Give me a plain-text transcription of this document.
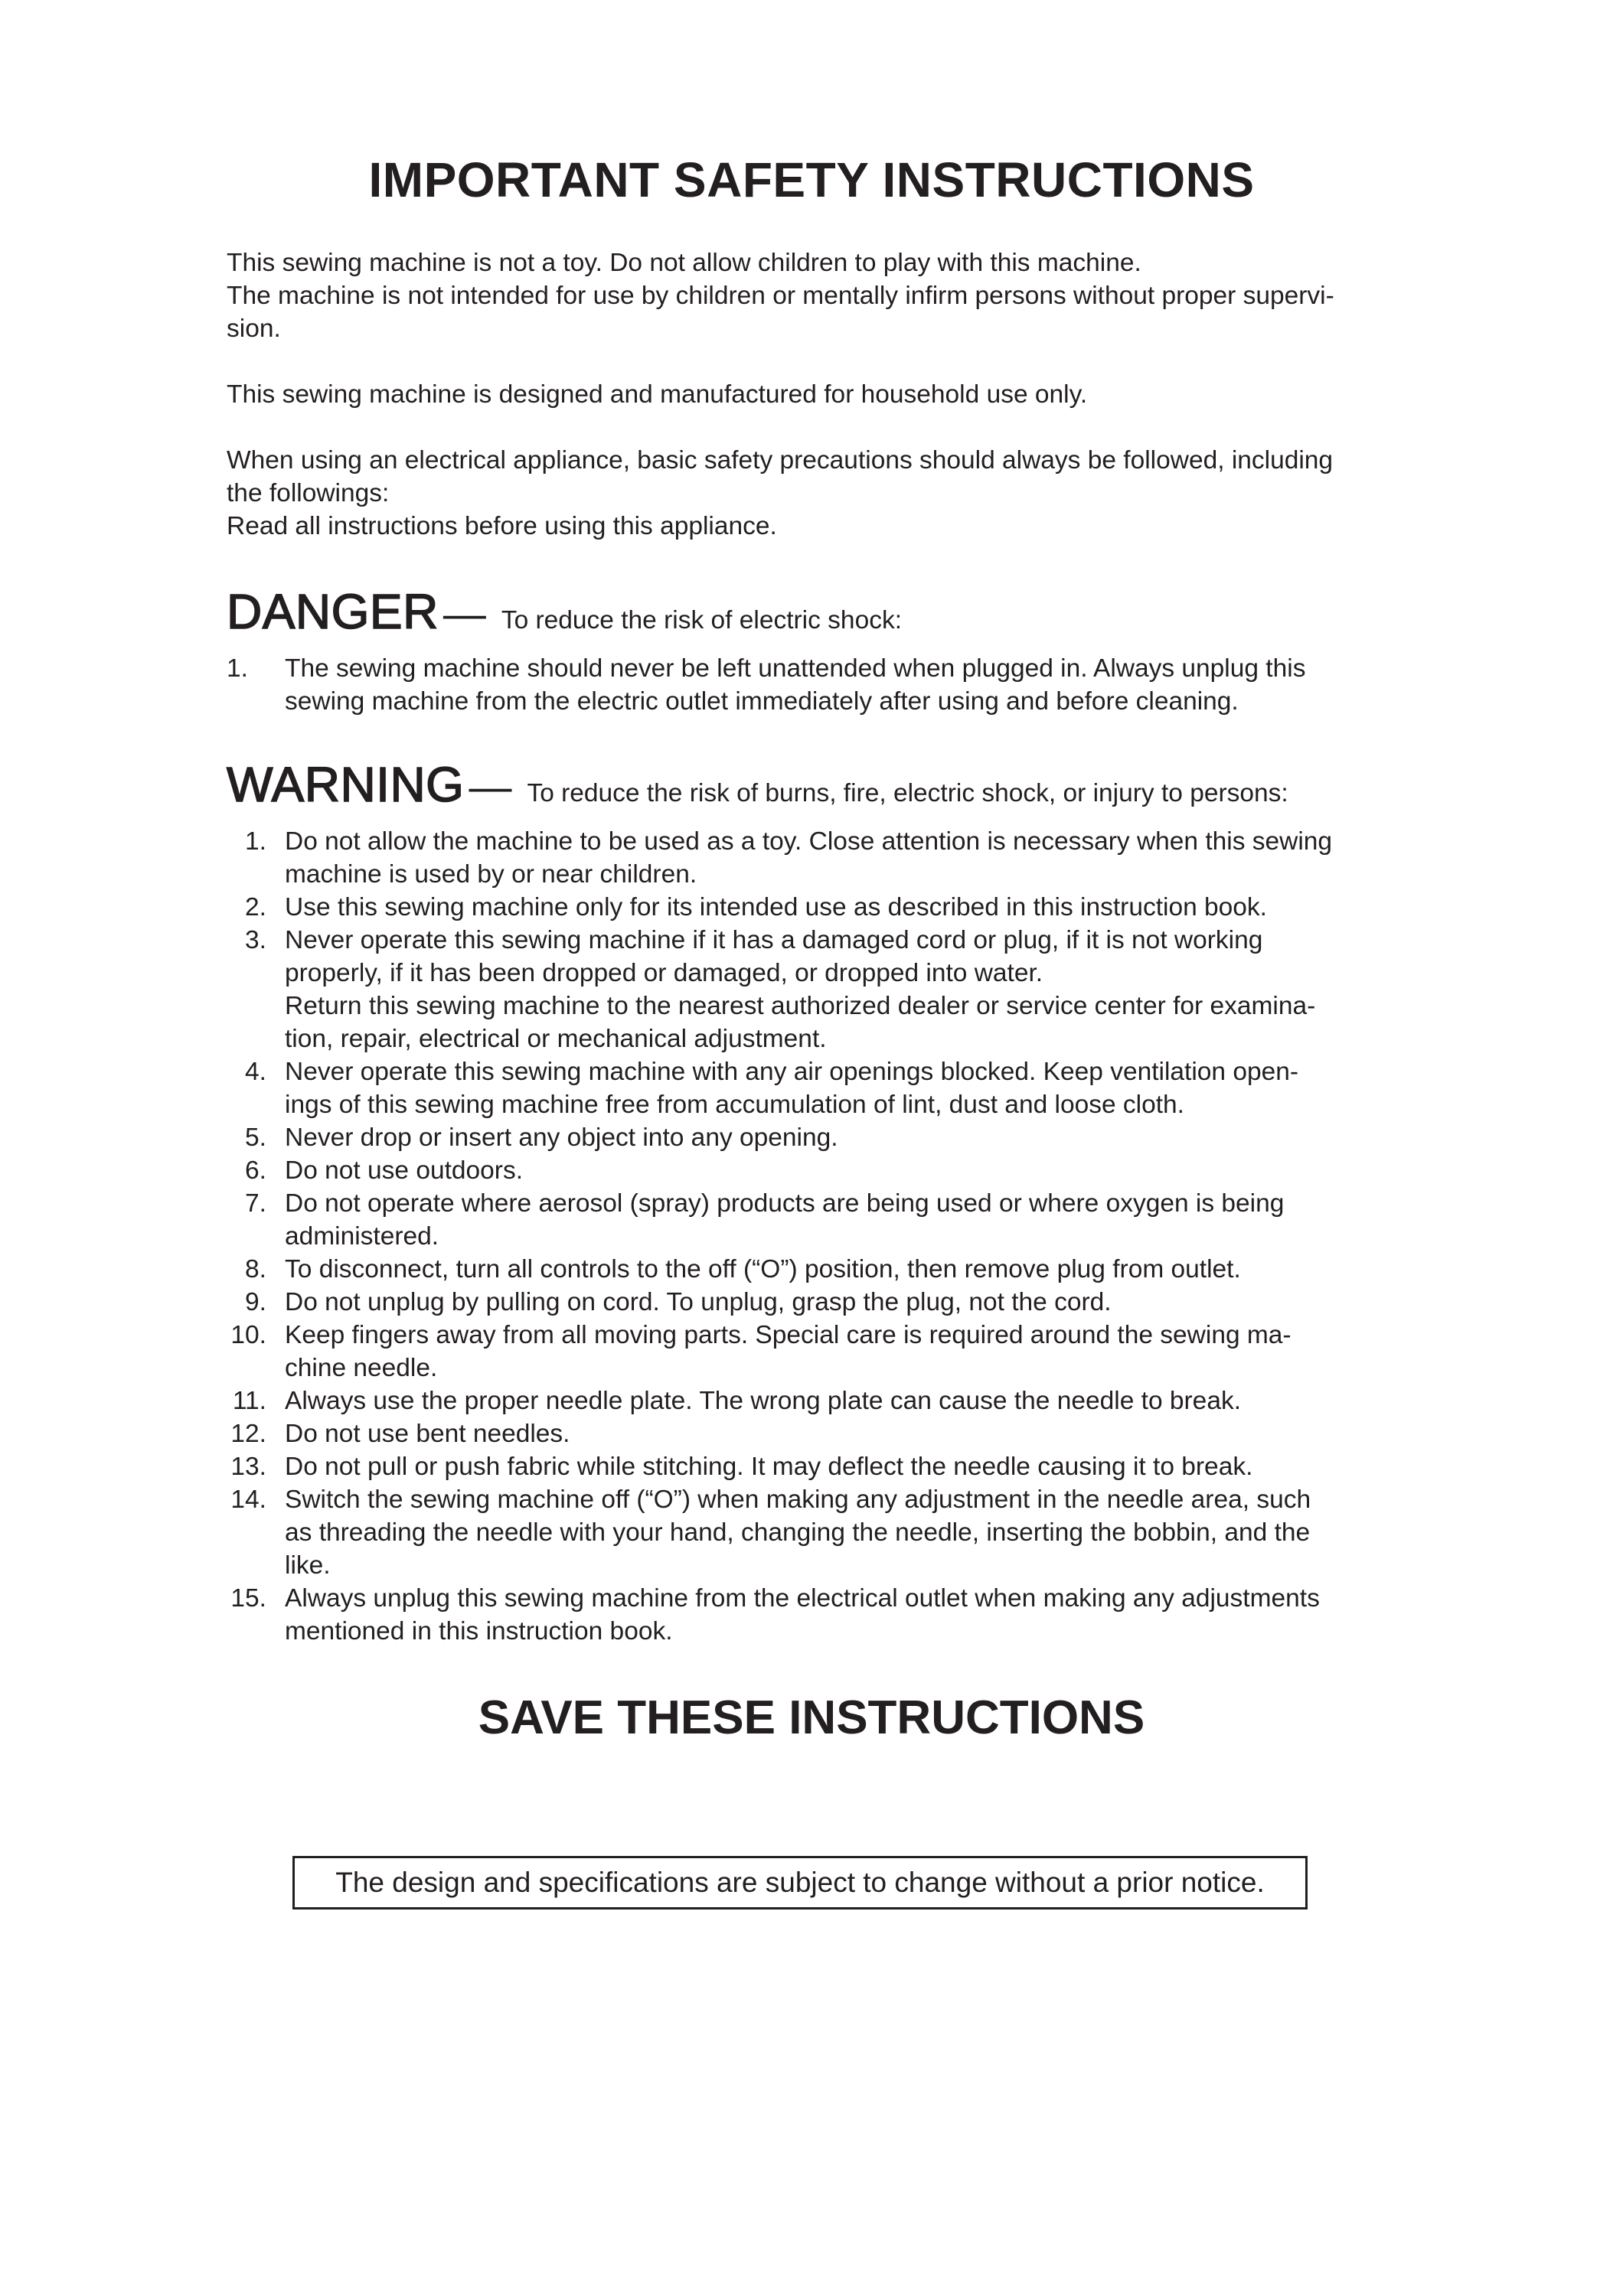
IMPORTANT SAFETY INSTRUCTIONS

This sewing machine is not a toy. Do not allow children to play with this machine.
The machine is not intended for use by children or mentally infirm persons without proper supervi-
sion.

This sewing machine is designed and manufactured for household use only.

When using an electrical appliance, basic safety precautions should always be followed, including
the followings:
Read all instructions before using this appliance.

DANGER — To reduce the risk of electric shock:
1.	The sewing machine should never be left unattended when plugged in. Always unplug this
sewing machine from the electric outlet immediately after using and before cleaning.
WARNING — To reduce the risk of burns, fire, electric shock, or injury to persons:
1. Do not allow the machine to be used as a toy. Close attention is necessary when this sewing
machine is used by or near children.
2. Use this sewing machine only for its intended use as described in this instruction book.
3. Never operate this sewing machine if it has a damaged cord or plug, if it is not working
properly, if it has been dropped or damaged, or dropped into water.
Return this sewing machine to the nearest authorized dealer or service center for examina-
tion, repair, electrical or mechanical adjustment.
4. Never operate this sewing machine with any air openings blocked. Keep ventilation open-
ings of this sewing machine free from accumulation of lint, dust and loose cloth.
5. Never drop or insert any object into any opening.
6. Do not use outdoors.
7. Do not operate where aerosol (spray) products are being used or where oxygen is being
administered.
8. To disconnect, turn all controls to the off (“O”) position, then remove plug from outlet.
9. Do not unplug by pulling on cord. To unplug, grasp the plug, not the cord.
10. Keep fingers away from all moving parts. Special care is required around the sewing ma-
chine needle.
11. Always use the proper needle plate. The wrong plate can cause the needle to break.
12. Do not use bent needles.
13. Do not pull or push fabric while stitching. It may deflect the needle causing it to break.
14. Switch the sewing machine off (“O”) when making any adjustment in the needle area, such
as threading the needle with your hand, changing the needle, inserting the bobbin, and the
like.
15. Always unplug this sewing machine from the electrical outlet when making any adjustments
mentioned in this instruction book.
SAVE THESE INSTRUCTIONS
The design and specifications are subject to change without a prior notice.
